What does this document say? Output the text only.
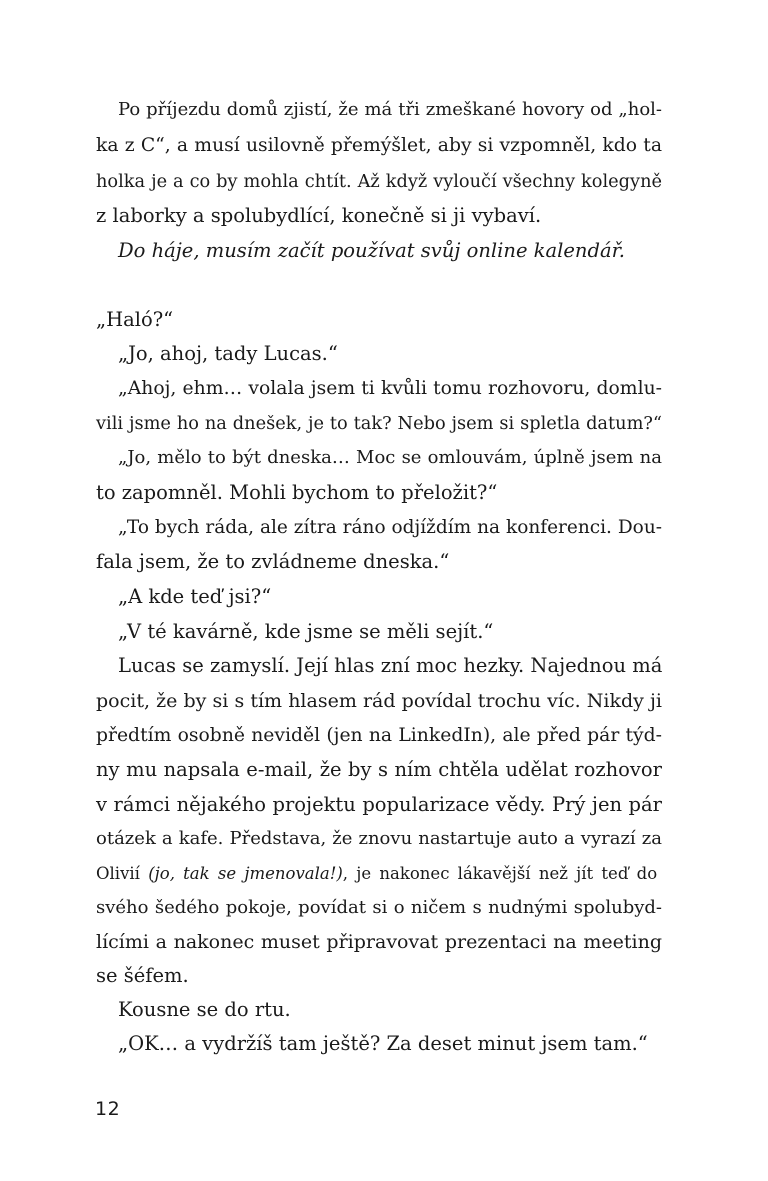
Po příjezdu domů zjistí, že má tři zmeškané hovory od „hol-
ka z C“, a musí usilovně přemýšlet, aby si vzpomněl, kdo ta
holka je a co by mohla chtít. Až když vyloučí všechny kolegyně
z laborky a spolubydlící, konečně si ji vybaví.
Do háje, musím začít používat svůj online kalendář.
„Haló?“
„Jo, ahoj, tady Lucas.“
„Ahoj, ehm… volala jsem ti kvůli tomu rozhovoru, domlu-
vili jsme ho na dnešek, je to tak? Nebo jsem si spletla datum?“
„Jo, mělo to být dneska… Moc se omlouvám, úplně jsem na
to zapomněl. Mohli bychom to přeložit?“
„To bych ráda, ale zítra ráno odjíždím na konferenci. Dou-
fala jsem, že to zvládneme dneska.“
„A kde teď jsi?“
„V té kavárně, kde jsme se měli sejít.“
Lucas se zamyslí. Její hlas zní moc hezky. Najednou má
pocit, že by si s tím hlasem rád povídal trochu víc. Nikdy ji
předtím osobně neviděl (jen na LinkedIn), ale před pár týd-
ny mu napsala e-mail, že by s ním chtěla udělat rozhovor
v rámci nějakého projektu popularizace vědy. Prý jen pár
otázek a kafe. Představa, že znovu nastartuje auto a vyrazí za
Olivií (jo, tak se jmenovala!), je nakonec lákavější než jít teď do
svého šedého pokoje, povídat si o ničem s nudnými spolubyd-
lícími a nakonec muset připravovat prezentaci na meeting
se šéfem.
Kousne se do rtu.
„OK… a vydržíš tam ještě? Za deset minut jsem tam.“
12
